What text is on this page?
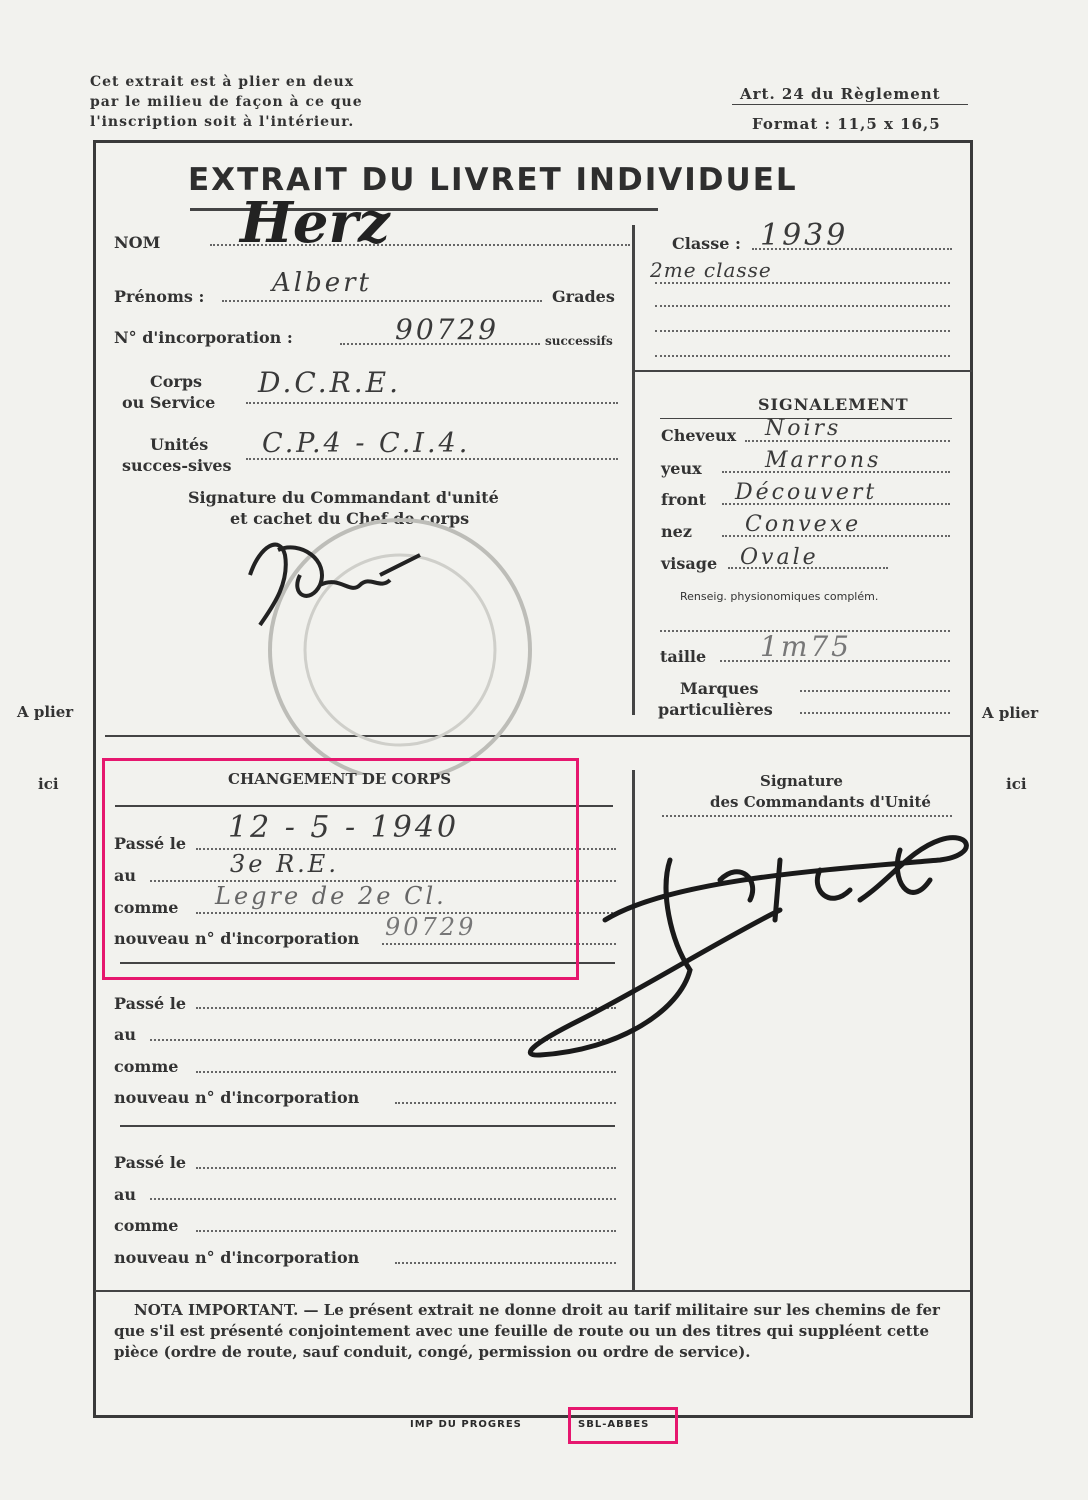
Cet extrait est à plier en deux
par le milieu de façon à ce que
l'inscription soit à l'intérieur.
Art. 24 du Règlement
Format : 11,5 x 16,5
EXTRAIT DU LIVRET INDIVIDUEL
NOM Herz
Prénoms :	Albert
N° d'incorporation :	90729
Corps
ou Service
D.C.R.E.
Unités
succes-sives
C.P.4 - C.I.4.
Signature du Commandant d'unité
et cachet du Chef de corps
Classe : 1939
2me classe
Grades
successifs
SIGNALEMENT
Cheveux Noirs
yeux	Marrons
front Découvert
nez Convexe
visage Ovale
Renseig. physionomiques complém.
taille 1m75
Marques
particulières
A plier
ici
A plier
ici
CHANGEMENT DE CORPS
Passé le 12 - 5 - 1940
au	3e R.E.
comme Legre de 2e Cl.
nouveau n° d'incorporation 90729
Passé le
au
comme
nouveau n° d'incorporation
Passé le
au
comme
nouveau n° d'incorporation
Signature
des Commandants d'Unité
NOTA IMPORTANT. — Le présent extrait ne donne droit au tarif militaire sur les chemins de fer que s'il est présenté conjointement avec une feuille de route ou un des titres qui suppléent cette pièce (ordre de route, sauf conduit, congé, permission ou ordre de service).
IMP DU PROGRES	SBL-ABBES
